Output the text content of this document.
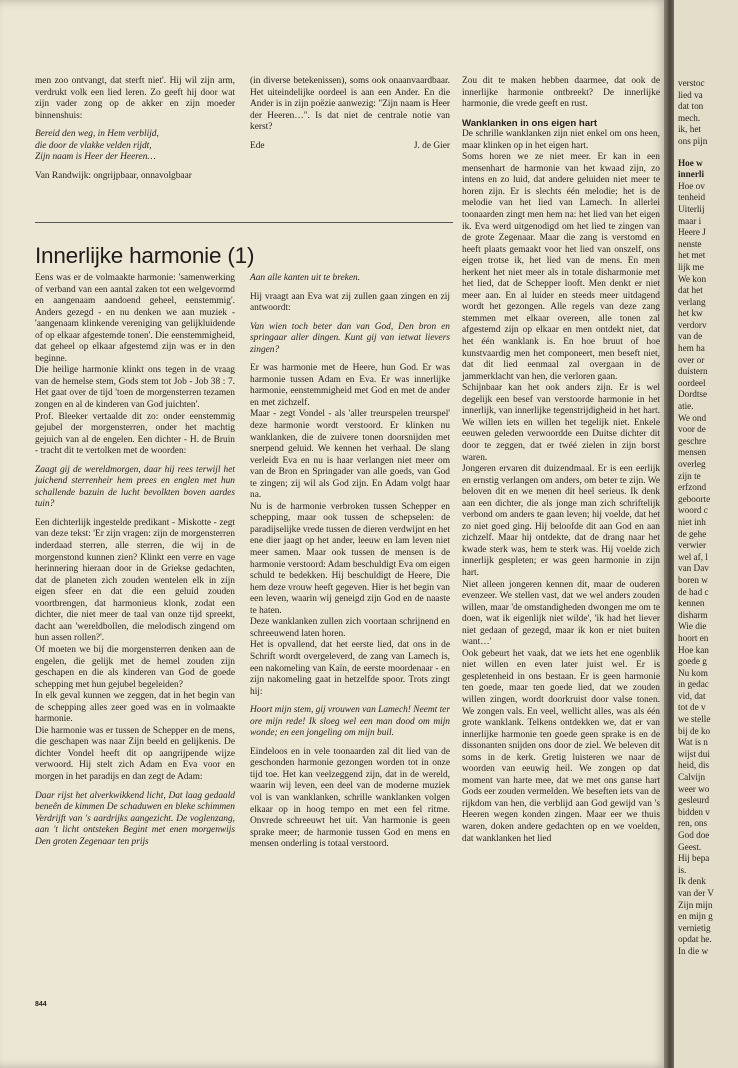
verstoc

lied va

dat ton

mech.

ik, het

ons pijn

Hoe w

innerli

Hoe ov

tenheid

Uiterlij

maar i

Heere J

nenste

het met

lijk me

We kon

dat het

verlang

het kw

verdorv

van de

hem ha

over or

duistern

oordeel

Dordtse

atie.

We ond

voor de

geschre

mensen

overleg

zijn te

erfzond

geboorte

woord c

niet inh

de gehe

verwier

wel af, l

van Dav

boren w

de had c

kennen

disharm

Wie die

hoort en

Hoe kan

goede g

Nu kom

in gedac

vid, dat

tot de v

we stelle

bij de ko

Wat is n

wijst dui

heid, dis

Calvijn

weer wo

gesleurd

bidden v

ren, ons

God doe

Geest.

Hij bepa

is.

Ik denk

van der V

Zijn mijn

en mijn g

vernietig

opdat he.

In die w

men zoo ontvangt, dat sterft niet'. Hij wil zijn arm, verdrukt volk een lied leren. Zo geeft hij door wat zijn vader zong op de akker en zijn moeder binnenshuis:

Bereid den weg, in Hem verblijd,

die door de vlakke velden rijdt,

Zijn naam is Heer der Heeren…

Van Randwijk: ongrijpbaar, onnavolgbaar

(in diverse betekenissen), soms ook onaanvaardbaar. Het uiteindelijke oordeel is aan een Ander. En die Ander is in zijn poëzie aanwezig: "Zijn naam is Heer der Heeren…". Is dat niet de centrale notie van kerst?

Ede	J. de Gier
Innerlijke harmonie (1)

Eens was er de volmaakte harmonie: 'samenwerking of verband van een aantal zaken tot een welgevormd en aangenaam aandoend geheel, eenstemmig'. Anders gezegd - en nu denken we aan muziek - 'aangenaam klinkende vereniging van gelijkluidende of op elkaar afgestemde tonen'. Die eenstemmigheid, dat geheel op elkaar afgestemd zijn was er in den beginne.

Die heilige harmonie klinkt ons tegen in de vraag van de hemelse stem, Gods stem tot Job - Job 38 : 7. Het gaat over de tijd 'toen de morgensterren tezamen zongen en al de kinderen van God juichten'.

Prof. Bleeker vertaalde dit zo: onder eenstemmig gejubel der morgensterren, onder het machtig gejuich van al de engelen. Een dichter - H. de Bruin - tracht dit te vertolken met de woorden:

Zaagt gij de wereldmorgen, daar hij rees terwijl het juichend sterrenheir hem prees en englen met hun schallende bazuin de lucht bevolkten boven aardes tuin?

Een dichterlijk ingestelde predikant - Miskotte - zegt van deze tekst: 'Er zijn vragen: zijn de morgensterren inderdaad sterren, alle sterren, die wij in de morgenstond kunnen zien? Klinkt een verre en vage herinnering hieraan door in de Griekse gedachten, dat de planeten zich zouden wentelen elk in zijn eigen sfeer en dat die een geluid zouden voortbrengen, dat harmonieus klonk, zodat een dichter, die niet meer de taal van onze tijd spreekt, dacht aan 'wereldbollen, die melodisch zingend om hun assen rollen?'.

Of moeten we bij die morgensterren denken aan de engelen, die gelijk met de hemel zouden zijn geschapen en die als kinderen van God de goede schepping met hun gejubel begeleiden?

In elk geval kunnen we zeggen, dat in het begin van de schepping alles zeer goed was en in volmaakte harmonie.

Die harmonie was er tussen de Schepper en de mens, die geschapen was naar Zijn beeld en gelijkenis. De dichter Vondel heeft dit op aangrijpende wijze verwoord. Hij stelt zich Adam en Eva voor en morgen in het paradijs en dan zegt de Adam:

Daar rijst het alverkwikkend licht, Dat laag gedaald beneên de kimmen De schaduwen en bleke schimmen Verdrijft van 's aardrijks aangezicht. De voglenzang, aan 't licht ontsteken Begint met enen morgenwijs Den groten Zegenaar ten prijs

Aan alle kanten uit te breken.

Hij vraagt aan Eva wat zij zullen gaan zingen en zij antwoordt:

Van wien toch beter dan van God, Den bron en springaar aller dingen. Kunt gij van ietwat lievers zingen?

Er was harmonie met de Heere, hun God. Er was harmonie tussen Adam en Eva. Er was innerlijke harmonie, eenstemmigheid met God en met de ander en met zichzelf.

Maar - zegt Vondel - als 'aller treurspelen treurspel' deze harmonie wordt verstoord. Er klinken nu wanklanken, die de zuivere tonen doorsnijden met snerpend geluid. We kennen het verhaal. De slang verleidt Eva en nu is haar verlangen niet meer om van de Bron en Springader van alle goeds, van God te zingen; zij wil als God zijn. En Adam volgt haar na.

Nu is de harmonie verbroken tussen Schepper en schepping, maar ook tussen de schepselen: de paradijselijke vrede tussen de dieren verdwijnt en het ene dier jaagt op het ander, leeuw en lam leven niet meer samen. Maar ook tussen de mensen is de harmonie verstoord: Adam beschuldigt Eva om eigen schuld te bedekken. Hij beschuldigt de Heere, Die hem deze vrouw heeft gegeven. Hier is het begin van een leven, waarin wij geneigd zijn God en de naaste te haten.

Deze wanklanken zullen zich voortaan schrijnend en schreeuwend laten horen.

Het is opvallend, dat het eerste lied, dat ons in de Schrift wordt overgeleverd, de zang van Lamech is, een nakomeling van Kaïn, de eerste moordenaar - en zijn nakomeling gaat in hetzelfde spoor. Trots zingt hij:

Hoort mijn stem, gij vrouwen van Lamech! Neemt ter ore mijn rede! Ik sloeg wel een man dood om mijn wonde; en een jongeling om mijn buil.

Eindeloos en in vele toonaarden zal dit lied van de geschonden harmonie gezongen worden tot in onze tijd toe. Het kan veelzeggend zijn, dat in de wereld, waarin wij leven, een deel van de moderne muziek vol is van wanklanken, schrille wanklanken volgen elkaar op in hoog tempo en met een fel ritme. Onvrede schreeuwt het uit. Van harmonie is geen sprake meer; de harmonie tussen God en mens en mensen onderling is totaal verstoord.

Zou dit te maken hebben daarmee, dat ook de innerlijke harmonie ontbreekt? De innerlijke harmonie, die vrede geeft en rust.

Wanklanken in ons eigen hart

De schrille wanklanken zijn niet enkel om ons heen, maar klinken op in het eigen hart.

Soms horen we ze niet meer. Er kan in een mensenhart de harmonie van het kwaad zijn, zo intens en zo luid, dat andere geluiden niet meer te horen zijn. Er is slechts één melodie; het is de melodie van het lied van Lamech. In allerlei toonaarden zingt men hem na: het lied van het eigen ik. Eva werd uitgenodigd om het lied te zingen van de grote Zegenaar. Maar die zang is verstomd en heeft plaats gemaakt voor het lied van onszelf, ons eigen trotse ik, het lied van de mens. En men herkent het niet meer als in totale disharmonie met het lied, dat de Schepper looft. Men denkt er niet meer aan. En al luider en steeds meer uitdagend wordt het gezongen. Alle regels van deze zang stemmen met elkaar overeen, alle tonen zal afgestemd zijn op elkaar en men ontdekt niet, dat het één wanklank is. En hoe bruut of hoe kunstvaardig men het componeert, men beseft niet, dat dit lied eenmaal zal overgaan in de jammerklacht van hen, die verloren gaan.

Schijnbaar kan het ook anders zijn. Er is wel degelijk een besef van verstoorde harmonie in het innerlijk, van innerlijke tegenstrijdigheid in het hart. We willen iets en willen het tegelijk niet. Enkele eeuwen geleden verwoordde een Duitse dichter dit door te zeggen, dat er twéé zielen in zijn borst waren.

Jongeren ervaren dit duizendmaal. Er is een eerlijk en ernstig verlangen om anders, om beter te zijn. We beloven dit en we menen dit heel serieus. Ik denk aan een dichter, die als jonge man zich schriftelijk verbond om anders te gaan leven; hij voelde, dat het zo niet goed ging. Hij beloofde dit aan God en aan zichzelf. Maar hij ontdekte, dat de drang naar het kwade sterk was, hem te sterk was. Hij voelde zich innerlijk gespleten; er was geen harmonie in zijn hart.

Niet alleen jongeren kennen dit, maar de ouderen evenzeer. We stellen vast, dat we wel anders zouden willen, maar 'de omstandigheden dwongen me om te doen, wat ik eigenlijk niet wilde', 'ik had het liever niet gedaan of gezegd, maar ik kon er niet buiten want…'

Ook gebeurt het vaak, dat we iets het ene ogenblik niet willen en even later juist wel. Er is gespletenheid in ons bestaan. Er is geen harmonie ten goede, maar ten goede lied, dat we zouden willen zingen, wordt doorkruist door valse tonen. We zongen vals. En veel, wellicht alles, was als één grote wanklank. Telkens ontdekken we, dat er van innerlijke harmonie ten goede geen sprake is en de dissonanten snijden ons door de ziel. We beleven dit soms in de kerk. Gretig luisteren we naar de woorden van eeuwig heil. We zongen op dat moment van harte mee, dat we met ons ganse hart Gods eer zouden vermelden. We beseften iets van de rijkdom van hen, die verblijd aan God gewijd van 's Heeren wegen konden zingen. Maar eer we thuis waren, doken andere gedachten op en we voelden, dat wanklanken het lied

844
